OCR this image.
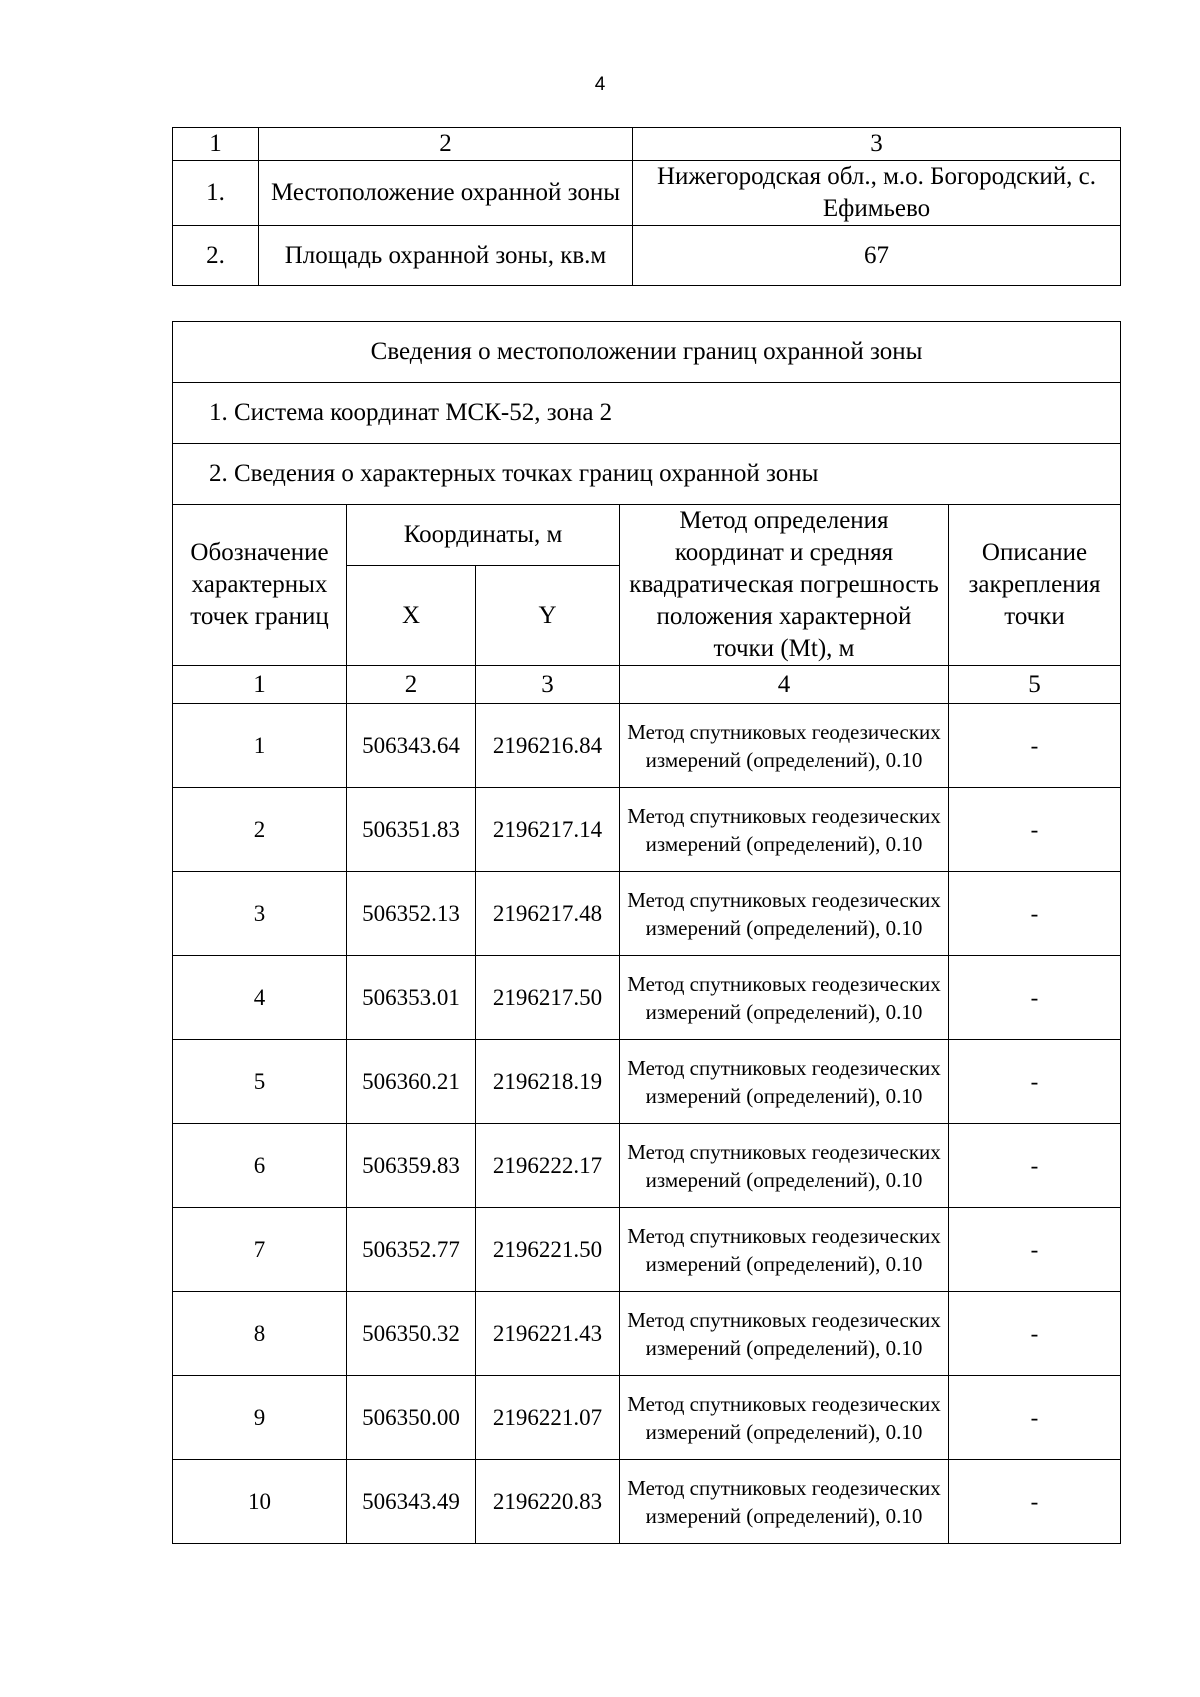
4
1	2	3
1.	Местоположение охранной зоны	Нижегородская обл., м.о. Богородский, с. Ефимьево
2.	Площадь охранной зоны, кв.м	67
Сведения о местоположении границ охранной зоны				
1. Система координат МСК-52, зона 2				
2. Сведения о характерных точках границ охранной зоны				
Обозначение характерных точек границ	Координаты, м		Метод определения координат и средняя квадратическая погрешность положения характерной точки (Mt), м	Описание закрепления точки
	X	Y		
1	2	3	4	5
1	506343.64	2196216.84	Метод спутниковых геодезических измерений (определений), 0.10	-
2	506351.83	2196217.14	Метод спутниковых геодезических измерений (определений), 0.10	-
3	506352.13	2196217.48	Метод спутниковых геодезических измерений (определений), 0.10	-
4	506353.01	2196217.50	Метод спутниковых геодезических измерений (определений), 0.10	-
5	506360.21	2196218.19	Метод спутниковых геодезических измерений (определений), 0.10	-
6	506359.83	2196222.17	Метод спутниковых геодезических измерений (определений), 0.10	-
7	506352.77	2196221.50	Метод спутниковых геодезических измерений (определений), 0.10	-
8	506350.32	2196221.43	Метод спутниковых геодезических измерений (определений), 0.10	-
9	506350.00	2196221.07	Метод спутниковых геодезических измерений (определений), 0.10	-
10	506343.49	2196220.83	Метод спутниковых геодезических измерений (определений), 0.10	-
